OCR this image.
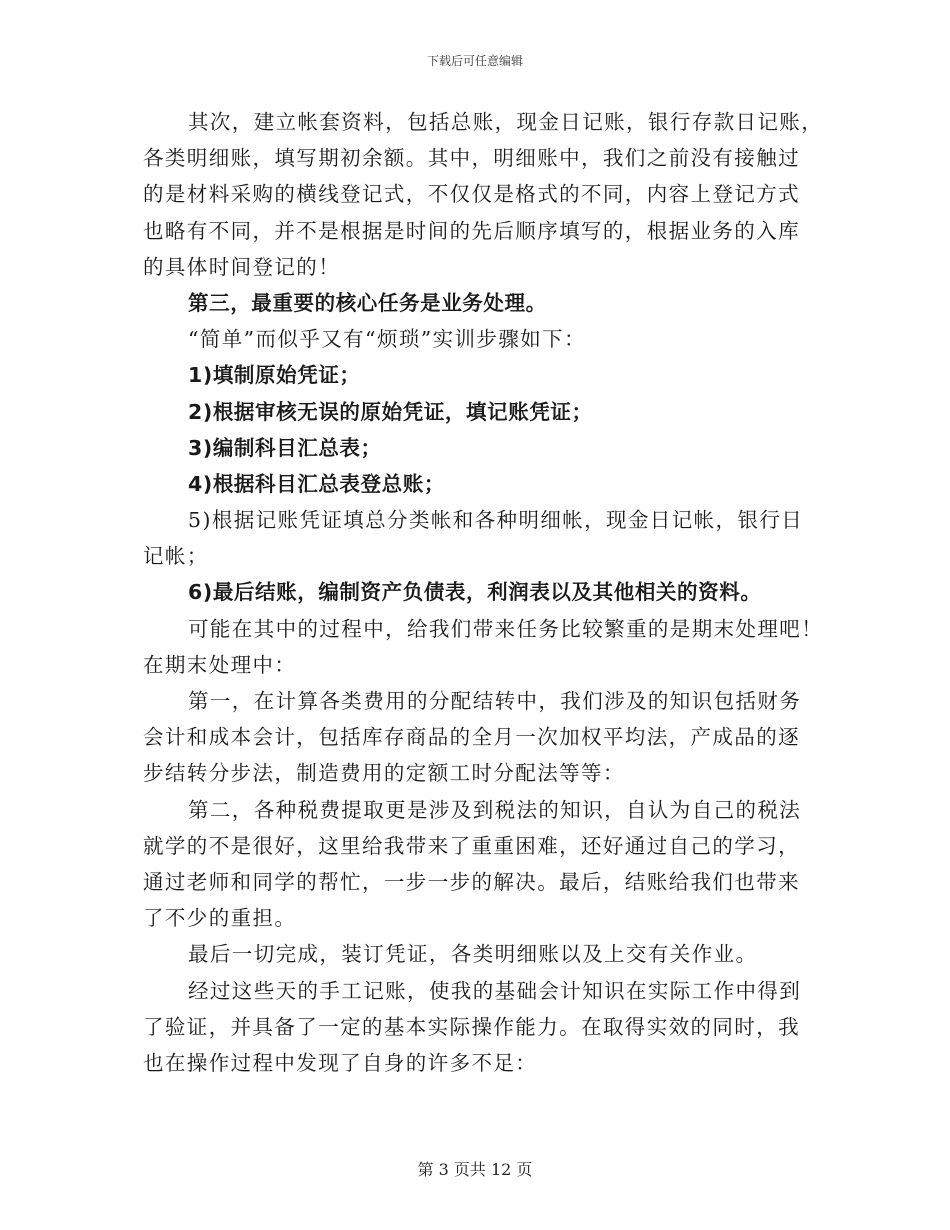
下载后可任意编辑
其次，建立帐套资料，包括总账，现金日记账，银行存款日记账，
各类明细账，填写期初余额。其中，明细账中，我们之前没有接触过
的是材料采购的横线登记式，不仅仅是格式的不同，内容上登记方式
也略有不同，并不是根据是时间的先后顺序填写的，根据业务的入库
的具体时间登记的！
第三，最重要的核心任务是业务处理。
“简单”而似乎又有“烦琐”实训步骤如下：
1)填制原始凭证；
2)根据审核无误的原始凭证，填记账凭证；
3)编制科目汇总表；
4)根据科目汇总表登总账；
5)根据记账凭证填总分类帐和各种明细帐，现金日记帐，银行日
记帐；
6)最后结账，编制资产负债表，利润表以及其他相关的资料。
可能在其中的过程中，给我们带来任务比较繁重的是期末处理吧！
在期末处理中：
第一，在计算各类费用的分配结转中，我们涉及的知识包括财务
会计和成本会计，包括库存商品的全月一次加权平均法，产成品的逐
步结转分步法，制造费用的定额工时分配法等等：
第二，各种税费提取更是涉及到税法的知识，自认为自己的税法
就学的不是很好，这里给我带来了重重困难，还好通过自己的学习，
通过老师和同学的帮忙，一步一步的解决。最后，结账给我们也带来
了不少的重担。
最后一切完成，装订凭证，各类明细账以及上交有关作业。
经过这些天的手工记账，使我的基础会计知识在实际工作中得到
了验证，并具备了一定的基本实际操作能力。在取得实效的同时，我
也在操作过程中发现了自身的许多不足：
第 3 页共 12 页
